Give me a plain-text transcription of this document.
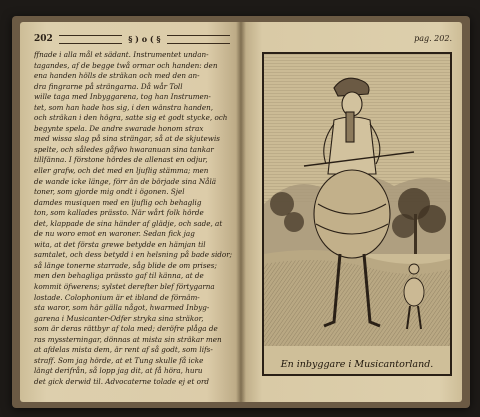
202	§ ) o ( §
ffnade i alla mål et sädant. Instrumentet undan-
tagandes, af de begge twå ormar och handen: den
ena handen hölls de sträkan och med den an-
dra fingrarne på strängarna. Då wår Toll
wille taga med Inbyggarena, tog han Instrumen-
tet, som han hade hos sig, i den wänstra handen,
och sträkan i den högra, satte sig et godt stycke, och
begynte spela. De andre swarade honom strax
med wissa slag på sina strängar, så at de skjutewis
spelte, och således gåfwo hwaranuan sina tankar
tillfänna. I förstone hördes de allenast en odjur,
eller grafw, och det med en ljuflig stämma; men
de wande icke länge, förr än de började sina Nålä
toner, som gjorde mig ondt i ögonen. Sjel
damdes musiquen med en ljuflig och behaglig
ton, som kallades prässto. När wårt folk hörde
det, klappade de sina händer af glädje, och sade, at
de nu woro emot en waroner. Sedan fick jag
wita, at det första grewe betydde en hämjan til
samtalet, och dess betydd i en helsning på bade sidor;
så länge tonerne starrade, såg blide de om prises;
men den behagliga prässto gaf til känna, at de
kommit öfwerens; sylstet derefter blef förtygarna
lostade. Colophonium är et ibland de förnäm-
sta waror, som här gälla något, hwarmed Inbyg-
garena i Musicanter-Odfer stryka sina sträkor,
som är deras rättbyr af tola med; deröfre plåga de
ras myssterningar, dönnas at mista sin sträkar men
at afdelas mista dem, är rent af så godt, som lifs-
straff. Som jag hörde, at et Tung skulle få icke
längt derifrån, så lopp jag dit, at få höra, huru
det gick derwid til. Advocaterne tolade ej et ord
pag. 202.
En inbyggare i Musicantorland.
